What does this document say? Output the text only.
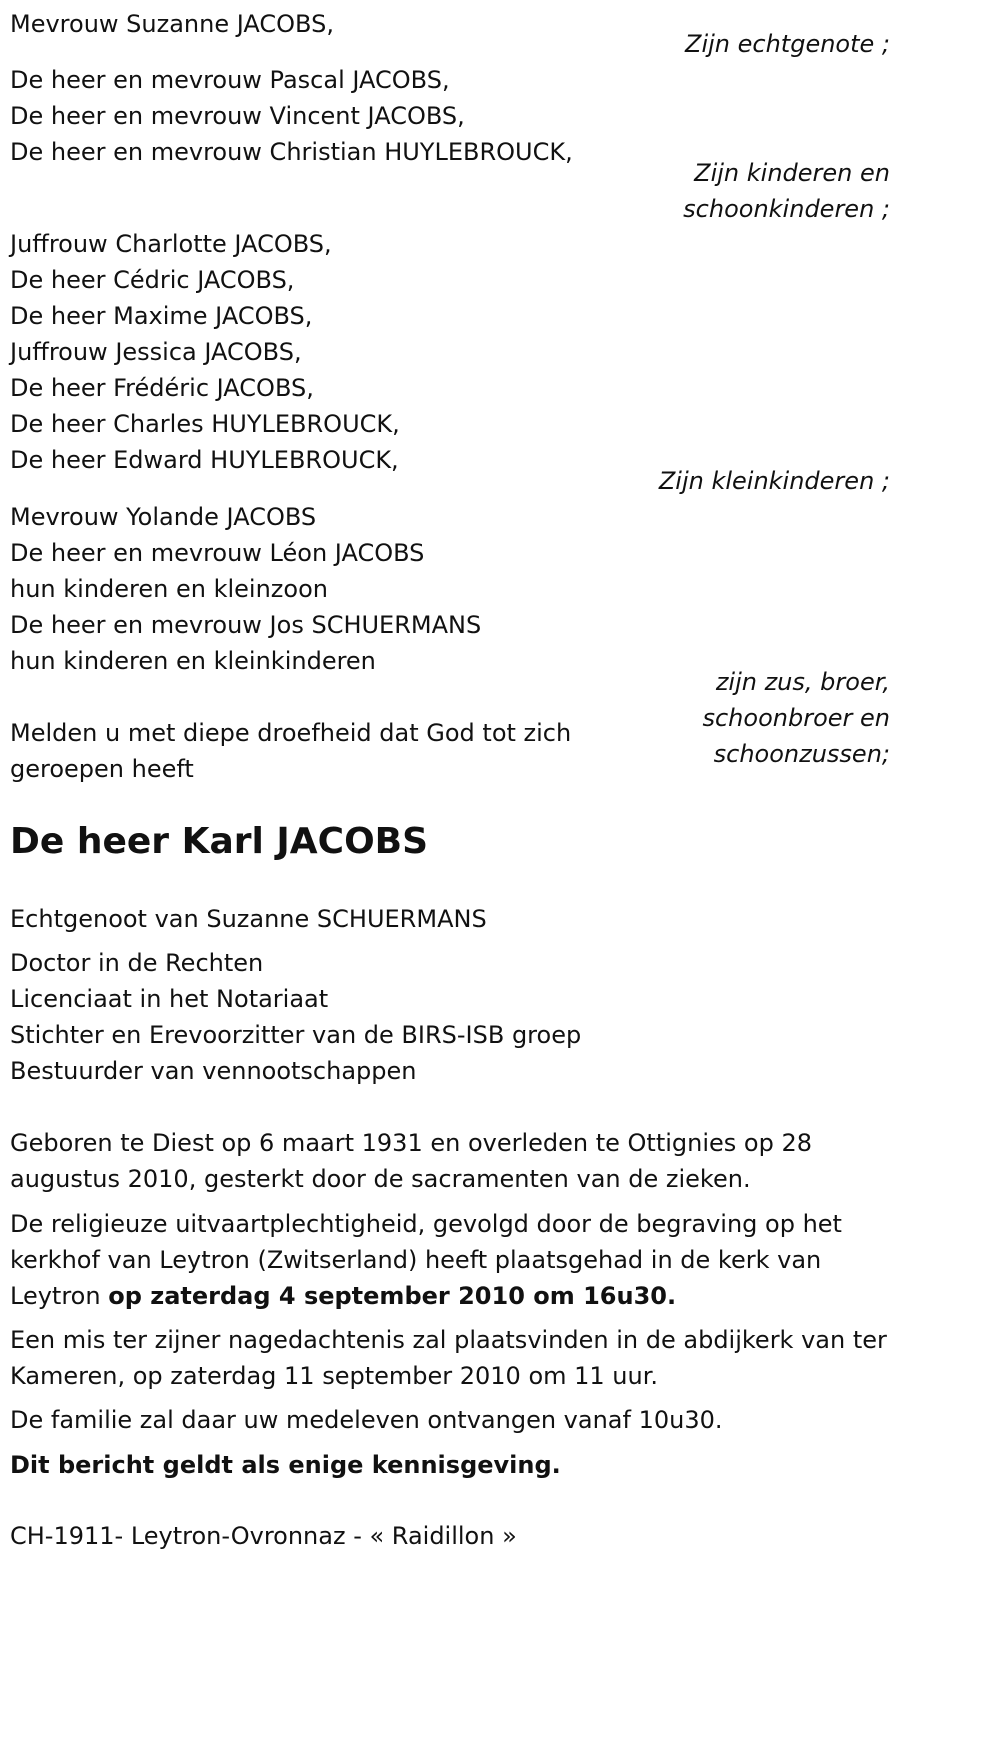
Mevrouw Suzanne JACOBS,
Zijn echtgenote ;
De heer en mevrouw Pascal JACOBS,
De heer en mevrouw Vincent JACOBS,
De heer en mevrouw Christian HUYLEBROUCK,
Zijn kinderen en
schoonkinderen ;
Juffrouw Charlotte JACOBS,
De heer Cédric JACOBS,
De heer Maxime JACOBS,
Juffrouw Jessica JACOBS,
De heer Frédéric JACOBS,
De heer Charles HUYLEBROUCK,
De heer Edward HUYLEBROUCK,
Zijn kleinkinderen ;
Mevrouw Yolande JACOBS
De heer en mevrouw Léon JACOBS
hun kinderen en kleinzoon
De heer en mevrouw Jos SCHUERMANS
hun kinderen en kleinkinderen
zijn zus, broer,
schoonbroer en
schoonzussen;
Melden u met diepe droefheid dat God tot zich
geroepen heeft
De heer Karl JACOBS
Echtgenoot van Suzanne SCHUERMANS
Doctor in de Rechten
Licenciaat in het Notariaat
Stichter en Erevoorzitter van de BIRS-ISB groep
Bestuurder van vennootschappen
Geboren te Diest op 6 maart 1931 en overleden te Ottignies op 28 augustus 2010, gesterkt door de sacramenten van de zieken.
De religieuze uitvaartplechtigheid, gevolgd door de begraving op het kerkhof van Leytron (Zwitserland) heeft plaatsgehad in de kerk van Leytron op zaterdag 4 september 2010 om 16u30.
Een mis ter zijner nagedachtenis zal plaatsvinden in de abdijkerk van ter Kameren, op zaterdag 11 september 2010 om 11 uur.
De familie zal daar uw medeleven ontvangen vanaf 10u30.
Dit bericht geldt als enige kennisgeving.
CH-1911- Leytron-Ovronnaz - « Raidillon »
